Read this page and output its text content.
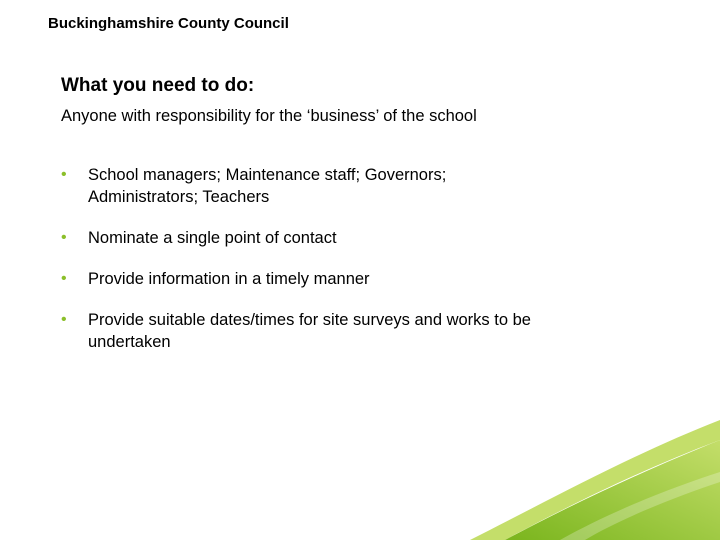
Buckinghamshire County Council
What you need to do:
Anyone with responsibility for the ‘business’ of the school
• School managers; Maintenance staff; Governors;
Administrators; Teachers
• Nominate a single point of contact
• Provide information in a timely manner
• Provide suitable dates/times for site surveys and works to be
undertaken
